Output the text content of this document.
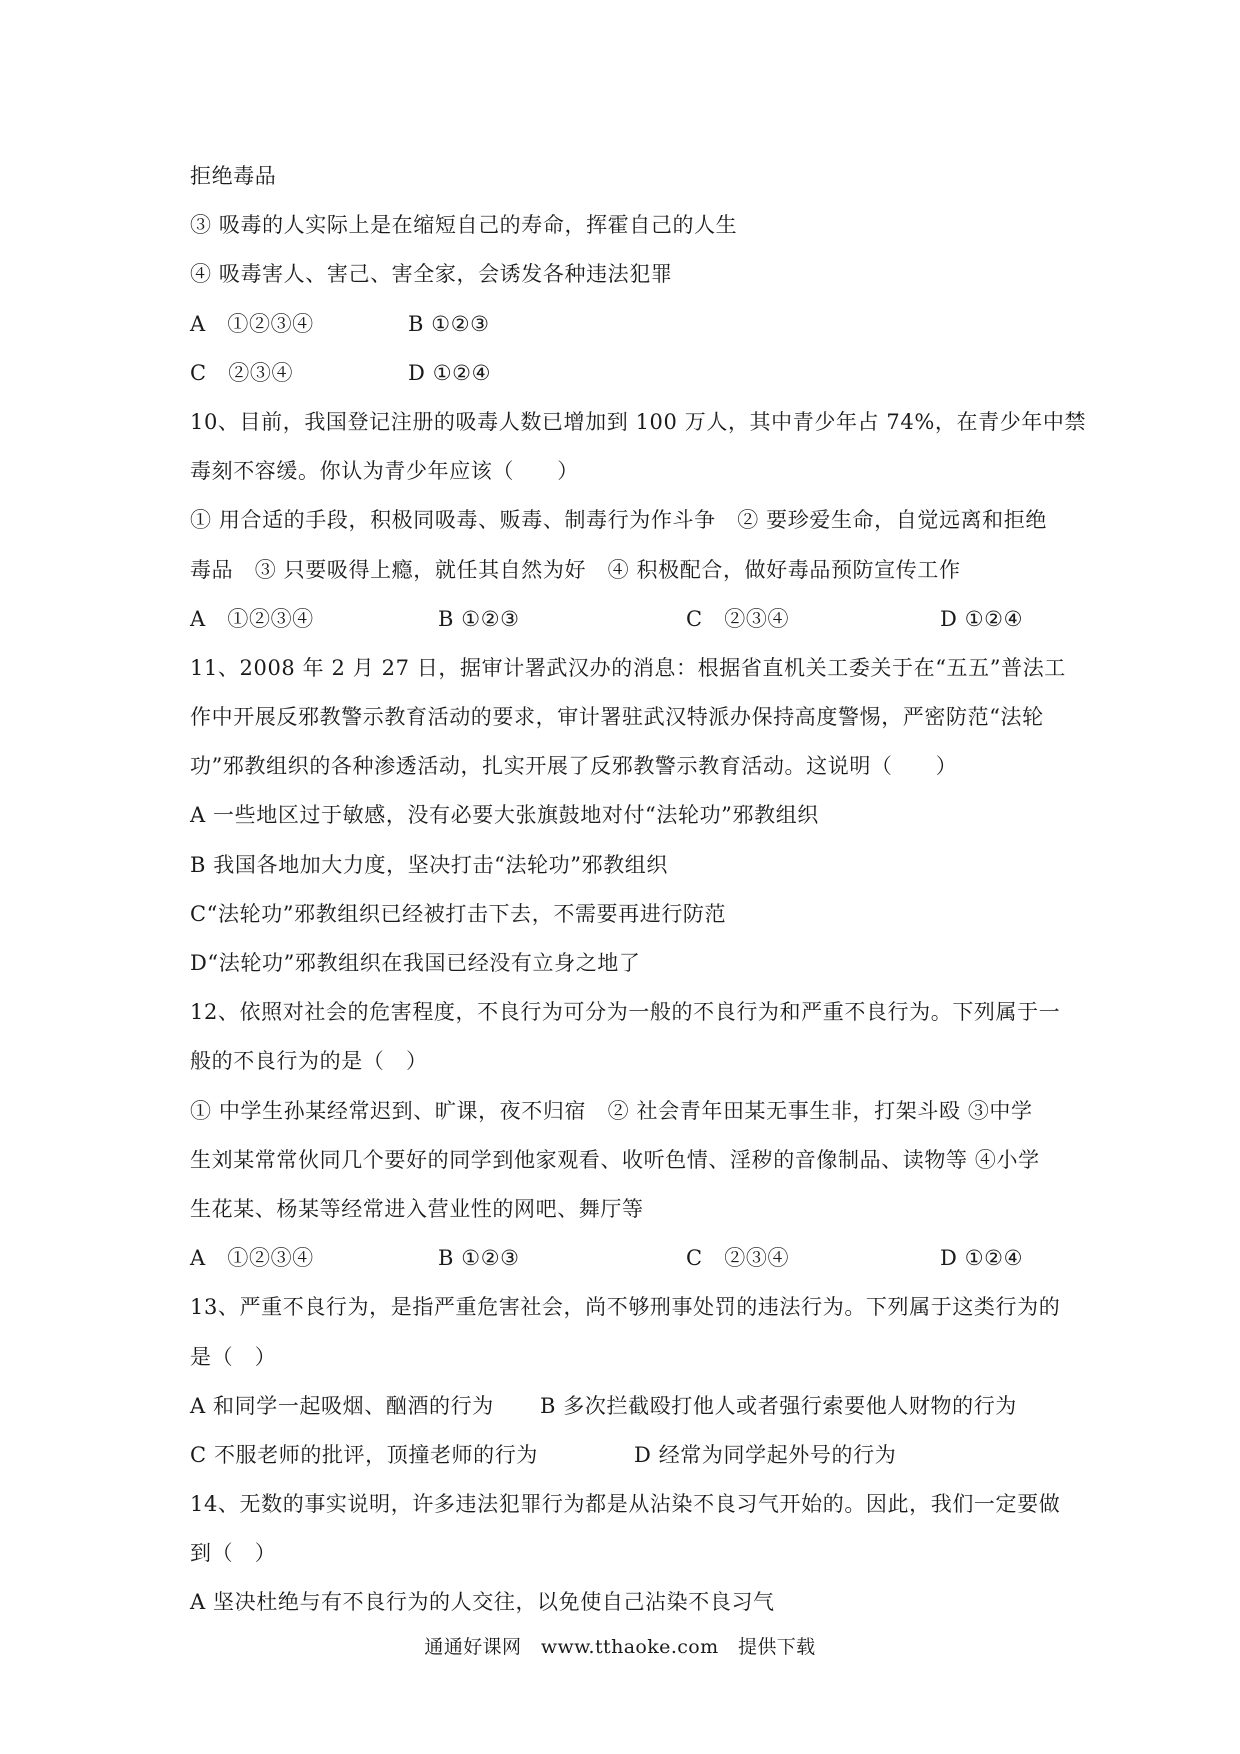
拒绝毒品
③ 吸毒的人实际上是在缩短自己的寿命，挥霍自己的人生
④ 吸毒害人、害己、害全家，会诱发各种违法犯罪
A　①②③④	B ①②③
C　②③④	D ①②④
10、目前，我国登记注册的吸毒人数已增加到 100 万人，其中青少年占 74%，在青少年中禁
毒刻不容缓。你认为青少年应该（　　）
① 用合适的手段，积极同吸毒、贩毒、制毒行为作斗争　② 要珍爱生命，自觉远离和拒绝
毒品　③ 只要吸得上瘾，就任其自然为好　④ 积极配合，做好毒品预防宣传工作
A　①②③④	B ①②③	C　②③④	D ①②④
11、2008 年 2 月 27 日，据审计署武汉办的消息：根据省直机关工委关于在“五五”普法工
作中开展反邪教警示教育活动的要求，审计署驻武汉特派办保持高度警惕，严密防范“法轮
功”邪教组织的各种渗透活动，扎实开展了反邪教警示教育活动。这说明（　　）
A 一些地区过于敏感，没有必要大张旗鼓地对付“法轮功”邪教组织
B 我国各地加大力度，坚决打击“法轮功”邪教组织
C“法轮功”邪教组织已经被打击下去，不需要再进行防范
D“法轮功”邪教组织在我国已经没有立身之地了
12、依照对社会的危害程度，不良行为可分为一般的不良行为和严重不良行为。下列属于一
般的不良行为的是（　）
① 中学生孙某经常迟到、旷课，夜不归宿　② 社会青年田某无事生非，打架斗殴 ③中学
生刘某常常伙同几个要好的同学到他家观看、收听色情、淫秽的音像制品、读物等 ④小学
生花某、杨某等经常进入营业性的网吧、舞厅等
A　①②③④	B ①②③	C　②③④	D ①②④
13、严重不良行为，是指严重危害社会，尚不够刑事处罚的违法行为。下列属于这类行为的
是（　）
A 和同学一起吸烟、酗酒的行为	B 多次拦截殴打他人或者强行索要他人财物的行为
C 不服老师的批评，顶撞老师的行为	D 经常为同学起外号的行为
14、无数的事实说明，许多违法犯罪行为都是从沾染不良习气开始的。因此，我们一定要做
到（　）
A 坚决杜绝与有不良行为的人交往，以免使自己沾染不良习气
通通好课网　www.tthaoke.com　提供下载
